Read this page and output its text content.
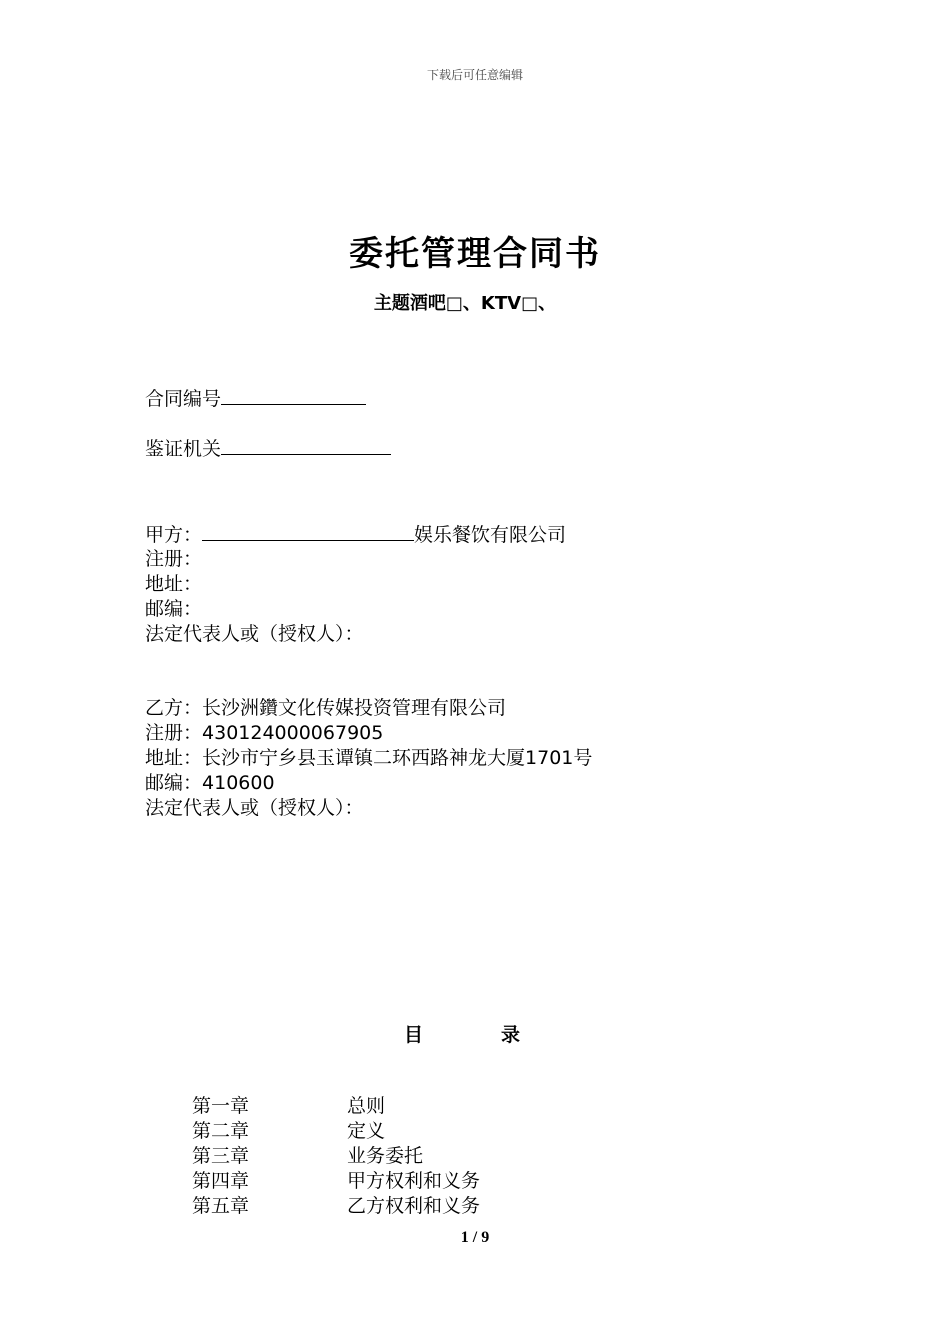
下载后可任意编辑
委托管理合同书
主题酒吧□、KTV□、
合同编号
鉴证机关
甲方：	娱乐餐饮有限公司
注册：
地址：
邮编：
法定代表人或（授权人）：
乙方：长沙洲鑽文化传媒投资管理有限公司
注册：430124000067905
地址：长沙市宁乡县玉谭镇二环西路神龙大厦1701号
邮编：410600
法定代表人或（授权人）：
目	录
第一章	总则
第二章	定义
第三章	业务委托
第四章	甲方权利和义务
第五章	乙方权利和义务
1 / 9
